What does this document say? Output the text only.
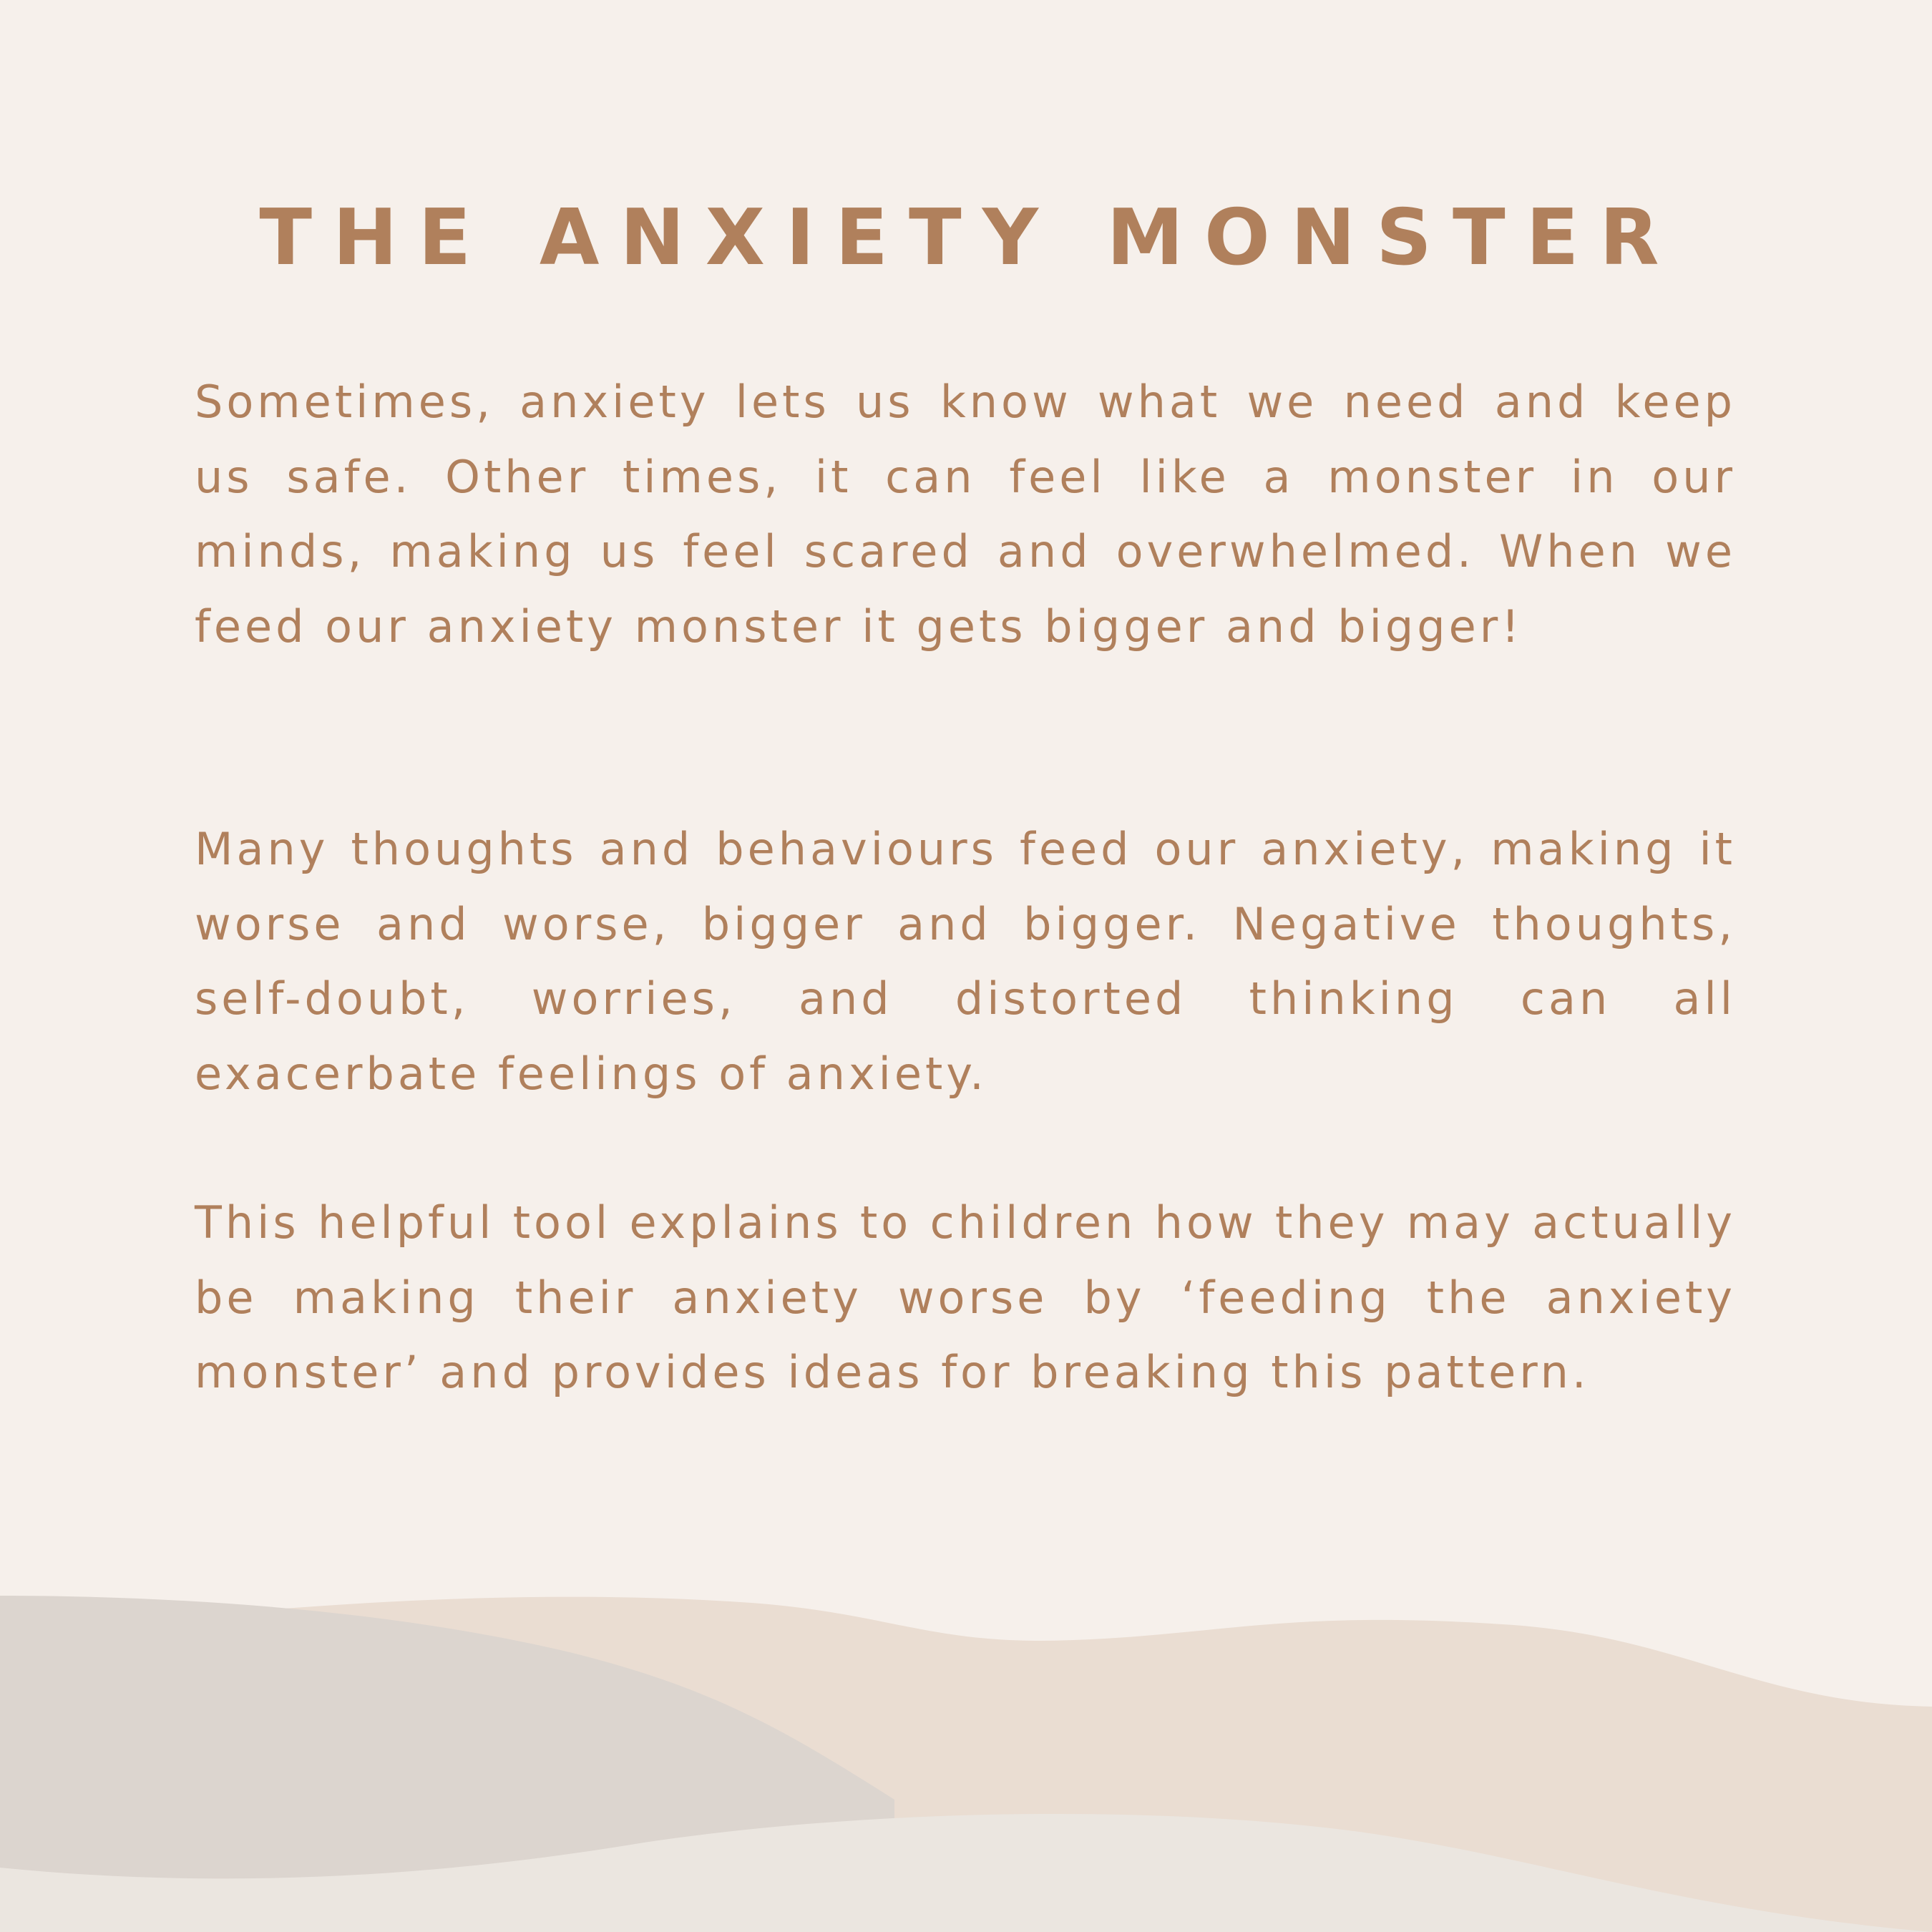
THE ANXIETY MONSTER

Sometimes, anxiety lets us know what we need and keep us safe. Other times, it can feel like a monster in our minds, making us feel scared and overwhelmed. When we feed our anxiety monster it gets bigger and bigger!

Many thoughts and behaviours feed our anxiety, making it worse and worse, bigger and bigger. Negative thoughts, self-doubt, worries, and distorted thinking can all exacerbate feelings of anxiety.

This helpful tool explains to children how they may actually be making their anxiety worse by ‘feeding the anxiety monster’ and provides ideas for breaking this pattern.
